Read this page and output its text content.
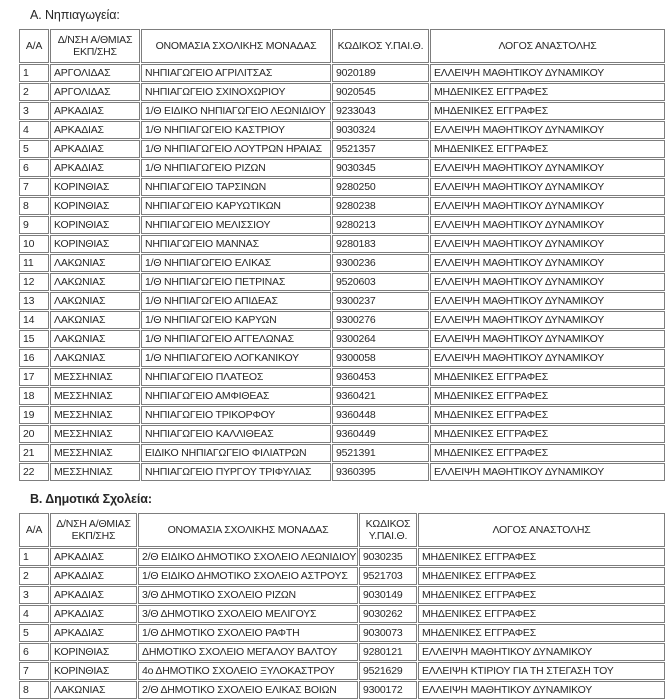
Α. Νηπιαγωγεία:
Α/Α	Δ/ΝΣΗ Α/ΘΜΙΑΣ ΕΚΠ/ΣΗΣ	ΟΝΟΜΑΣΙΑ ΣΧΟΛΙΚΗΣ ΜΟΝΑΔΑΣ	ΚΩΔΙΚΟΣ Υ.ΠΑΙ.Θ.	ΛΟΓΟΣ ΑΝΑΣΤΟΛΗΣ
1	ΑΡΓΟΛΙΔΑΣ	ΝΗΠΙΑΓΩΓΕΙΟ ΑΓΡΙΛΙΤΣΑΣ	9020189	ΕΛΛΕΙΨΗ ΜΑΘΗΤΙΚΟΥ ΔΥΝΑΜΙΚΟΥ
2	ΑΡΓΟΛΙΔΑΣ	ΝΗΠΙΑΓΩΓΕΙΟ ΣΧΙΝΟΧΩΡΙΟΥ	9020545	ΜΗΔΕΝΙΚΕΣ ΕΓΓΡΑΦΕΣ
3	ΑΡΚΑΔΙΑΣ	1/Θ ΕΙΔΙΚΟ ΝΗΠΙΑΓΩΓΕΙΟ ΛΕΩΝΙΔΙΟΥ	9233043	ΜΗΔΕΝΙΚΕΣ ΕΓΓΡΑΦΕΣ
4	ΑΡΚΑΔΙΑΣ	1/Θ ΝΗΠΙΑΓΩΓΕΙΟ ΚΑΣΤΡΙΟΥ	9030324	ΕΛΛΕΙΨΗ ΜΑΘΗΤΙΚΟΥ ΔΥΝΑΜΙΚΟΥ
5	ΑΡΚΑΔΙΑΣ	1/Θ ΝΗΠΙΑΓΩΓΕΙΟ ΛΟΥΤΡΩΝ ΗΡΑΙΑΣ	9521357	ΜΗΔΕΝΙΚΕΣ ΕΓΓΡΑΦΕΣ
6	ΑΡΚΑΔΙΑΣ	1/Θ ΝΗΠΙΑΓΩΓΕΙΟ ΡΙΖΩΝ	9030345	ΕΛΛΕΙΨΗ ΜΑΘΗΤΙΚΟΥ ΔΥΝΑΜΙΚΟΥ
7	ΚΟΡΙΝΘΙΑΣ	ΝΗΠΙΑΓΩΓΕΙΟ ΤΑΡΣΙΝΩΝ	9280250	ΕΛΛΕΙΨΗ ΜΑΘΗΤΙΚΟΥ ΔΥΝΑΜΙΚΟΥ
8	ΚΟΡΙΝΘΙΑΣ	ΝΗΠΙΑΓΩΓΕΙΟ ΚΑΡΥΩΤΙΚΩΝ	9280238	ΕΛΛΕΙΨΗ ΜΑΘΗΤΙΚΟΥ ΔΥΝΑΜΙΚΟΥ
9	ΚΟΡΙΝΘΙΑΣ	ΝΗΠΙΑΓΩΓΕΙΟ ΜΕΛΙΣΣΙΟΥ	9280213	ΕΛΛΕΙΨΗ ΜΑΘΗΤΙΚΟΥ ΔΥΝΑΜΙΚΟΥ
10	ΚΟΡΙΝΘΙΑΣ	ΝΗΠΙΑΓΩΓΕΙΟ ΜΑΝΝΑΣ	9280183	ΕΛΛΕΙΨΗ ΜΑΘΗΤΙΚΟΥ ΔΥΝΑΜΙΚΟΥ
11	ΛΑΚΩΝΙΑΣ	1/Θ ΝΗΠΙΑΓΩΓΕΙΟ ΕΛΙΚΑΣ	9300236	ΕΛΛΕΙΨΗ ΜΑΘΗΤΙΚΟΥ ΔΥΝΑΜΙΚΟΥ
12	ΛΑΚΩΝΙΑΣ	1/Θ ΝΗΠΙΑΓΩΓΕΙΟ ΠΕΤΡΙΝΑΣ	9520603	ΕΛΛΕΙΨΗ ΜΑΘΗΤΙΚΟΥ ΔΥΝΑΜΙΚΟΥ
13	ΛΑΚΩΝΙΑΣ	1/Θ ΝΗΠΙΑΓΩΓΕΙΟ ΑΠΙΔΕΑΣ	9300237	ΕΛΛΕΙΨΗ ΜΑΘΗΤΙΚΟΥ ΔΥΝΑΜΙΚΟΥ
14	ΛΑΚΩΝΙΑΣ	1/Θ ΝΗΠΙΑΓΩΓΕΙΟ ΚΑΡΥΩΝ	9300276	ΕΛΛΕΙΨΗ ΜΑΘΗΤΙΚΟΥ ΔΥΝΑΜΙΚΟΥ
15	ΛΑΚΩΝΙΑΣ	1/Θ ΝΗΠΙΑΓΩΓΕΙΟ ΑΓΓΕΛΩΝΑΣ	9300264	ΕΛΛΕΙΨΗ ΜΑΘΗΤΙΚΟΥ ΔΥΝΑΜΙΚΟΥ
16	ΛΑΚΩΝΙΑΣ	1/Θ ΝΗΠΙΑΓΩΓΕΙΟ ΛΟΓΚΑΝΙΚΟΥ	9300058	ΕΛΛΕΙΨΗ ΜΑΘΗΤΙΚΟΥ ΔΥΝΑΜΙΚΟΥ
17	ΜΕΣΣΗΝΙΑΣ	ΝΗΠΙΑΓΩΓΕΙΟ ΠΛΑΤΕΟΣ	9360453	ΜΗΔΕΝΙΚΕΣ ΕΓΓΡΑΦΕΣ
18	ΜΕΣΣΗΝΙΑΣ	ΝΗΠΙΑΓΩΓΕΙΟ ΑΜΦΙΘΕΑΣ	9360421	ΜΗΔΕΝΙΚΕΣ ΕΓΓΡΑΦΕΣ
19	ΜΕΣΣΗΝΙΑΣ	ΝΗΠΙΑΓΩΓΕΙΟ ΤΡΙΚΟΡΦΟΥ	9360448	ΜΗΔΕΝΙΚΕΣ ΕΓΓΡΑΦΕΣ
20	ΜΕΣΣΗΝΙΑΣ	ΝΗΠΙΑΓΩΓΕΙΟ ΚΑΛΛΙΘΕΑΣ	9360449	ΜΗΔΕΝΙΚΕΣ ΕΓΓΡΑΦΕΣ
21	ΜΕΣΣΗΝΙΑΣ	ΕΙΔΙΚΟ ΝΗΠΙΑΓΩΓΕΙΟ ΦΙΛΙΑΤΡΩΝ	9521391	ΜΗΔΕΝΙΚΕΣ ΕΓΓΡΑΦΕΣ
22	ΜΕΣΣΗΝΙΑΣ	ΝΗΠΙΑΓΩΓΕΙΟ ΠΥΡΓΟΥ ΤΡΙΦΥΛΙΑΣ	9360395	ΕΛΛΕΙΨΗ ΜΑΘΗΤΙΚΟΥ ΔΥΝΑΜΙΚΟΥ
Β. Δημοτικά Σχολεία:
Α/Α	Δ/ΝΣΗ Α/ΘΜΙΑΣ ΕΚΠ/ΣΗΣ	ΟΝΟΜΑΣΙΑ ΣΧΟΛΙΚΗΣ ΜΟΝΑΔΑΣ	ΚΩΔΙΚΟΣ Υ.ΠΑΙ.Θ.	ΛΟΓΟΣ ΑΝΑΣΤΟΛΗΣ
1	ΑΡΚΑΔΙΑΣ	2/Θ ΕΙΔΙΚΟ ΔΗΜΟΤΙΚΟ ΣΧΟΛΕΙΟ ΛΕΩΝΙΔΙΟΥ	9030235	ΜΗΔΕΝΙΚΕΣ ΕΓΓΡΑΦΕΣ
2	ΑΡΚΑΔΙΑΣ	1/Θ ΕΙΔΙΚΟ ΔΗΜΟΤΙΚΟ ΣΧΟΛΕΙΟ ΑΣΤΡΟΥΣ	9521703	ΜΗΔΕΝΙΚΕΣ ΕΓΓΡΑΦΕΣ
3	ΑΡΚΑΔΙΑΣ	3/Θ ΔΗΜΟΤΙΚΟ ΣΧΟΛΕΙΟ ΡΙΖΩΝ	9030149	ΜΗΔΕΝΙΚΕΣ ΕΓΓΡΑΦΕΣ
4	ΑΡΚΑΔΙΑΣ	3/Θ ΔΗΜΟΤΙΚΟ ΣΧΟΛΕΙΟ ΜΕΛΙΓΟΥΣ	9030262	ΜΗΔΕΝΙΚΕΣ ΕΓΓΡΑΦΕΣ
5	ΑΡΚΑΔΙΑΣ	1/Θ ΔΗΜΟΤΙΚΟ ΣΧΟΛΕΙΟ ΡΑΦΤΗ	9030073	ΜΗΔΕΝΙΚΕΣ ΕΓΓΡΑΦΕΣ
6	ΚΟΡΙΝΘΙΑΣ	ΔΗΜΟΤΙΚΟ ΣΧΟΛΕΙΟ ΜΕΓΑΛΟΥ ΒΑΛΤΟΥ	9280121	ΕΛΛΕΙΨΗ ΜΑΘΗΤΙΚΟΥ ΔΥΝΑΜΙΚΟΥ
7	ΚΟΡΙΝΘΙΑΣ	4ο ΔΗΜΟΤΙΚΟ ΣΧΟΛΕΙΟ ΞΥΛΟΚΑΣΤΡΟΥ	9521629	ΕΛΛΕΙΨΗ ΚΤΙΡΙΟΥ ΓΙΑ ΤΗ ΣΤΕΓΑΣΗ ΤΟΥ
8	ΛΑΚΩΝΙΑΣ	2/Θ ΔΗΜΟΤΙΚΟ ΣΧΟΛΕΙΟ ΕΛΙΚΑΣ ΒΟΙΩΝ	9300172	ΕΛΛΕΙΨΗ ΜΑΘΗΤΙΚΟΥ ΔΥΝΑΜΙΚΟΥ
